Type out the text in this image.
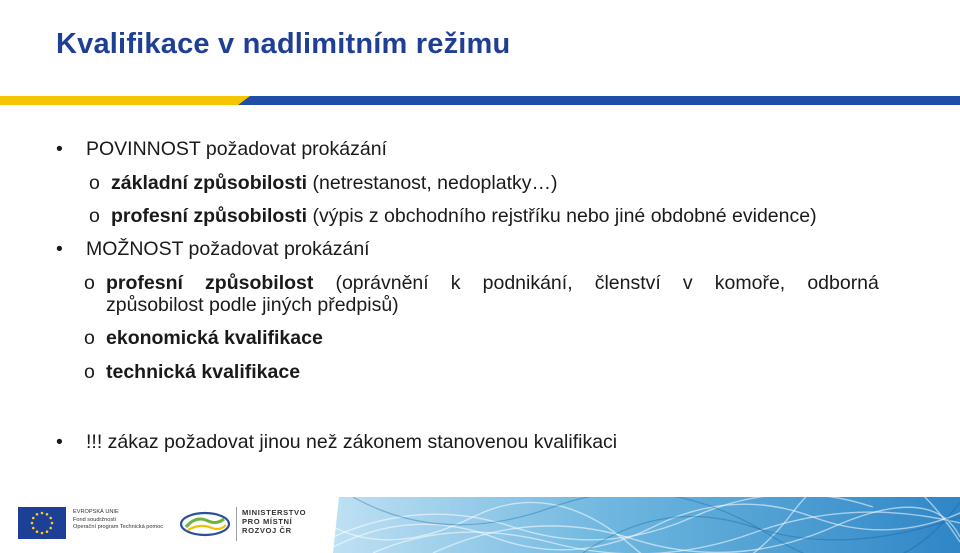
Kvalifikace v nadlimitním režimu
• POVINNOST požadovat prokázání
o základní způsobilosti (netrestanost, nedoplatky…)
o profesní způsobilosti (výpis z obchodního rejstříku nebo jiné obdobné evidence)
• MOŽNOST požadovat prokázání
o profesní způsobilost (oprávnění k podnikání, členství v komoře, odborná
způsobilost podle jiných předpisů)
o ekonomická kvalifikace
o technická kvalifikace
• !!! zákaz požadovat jinou než zákonem stanovenou kvalifikaci
EVROPSKÁ UNIE
Fond soudržnosti
Operační program Technická pomoc
MINISTERSTVO
PRO MÍSTNÍ
ROZVOJ ČR
